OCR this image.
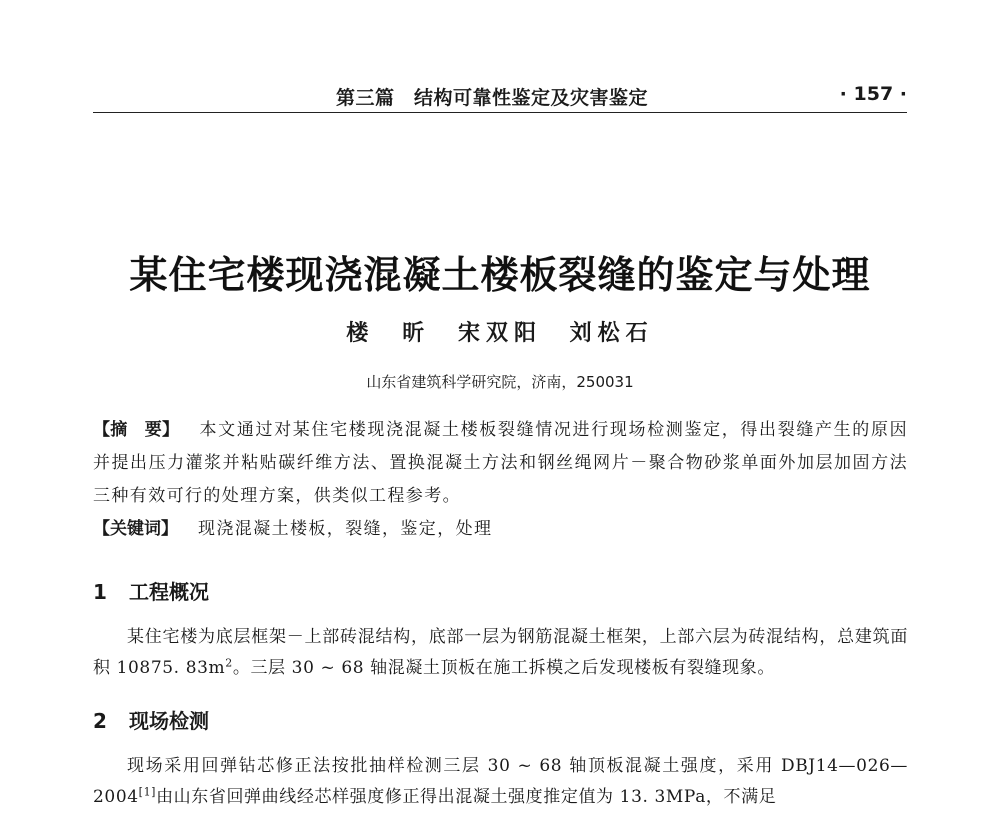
第三篇　结构可靠性鉴定及灾害鉴定	· 157 ·
某住宅楼现浇混凝土楼板裂缝的鉴定与处理
楼　昕 宋双阳 刘松石
山东省建筑科学研究院，济南，250031
【摘　要】 本文通过对某住宅楼现浇混凝土楼板裂缝情况进行现场检测鉴定，得出裂缝产生的原因并提出压力灌浆并粘贴碳纤维方法、置换混凝土方法和钢丝绳网片－聚合物砂浆单面外加层加固方法三种有效可行的处理方案，供类似工程参考。
【关键词】 现浇混凝土楼板，裂缝，鉴定，处理
1 工程概况
某住宅楼为底层框架－上部砖混结构，底部一层为钢筋混凝土框架，上部六层为砖混结构，总建筑面积 10875. $83m^2$。三层 30 ~ 68 轴混凝土顶板在施工拆模之后发现楼板有裂缝现象。
2 现场检测
现场采用回弹钻芯修正法按批抽样检测三层 30 ~ 68 轴顶板混凝土强度，采用 DBJ14—026—2004[1]由山东省回弹曲线经芯样强度修正得出混凝土强度推定值为 13. 3MPa，不满足
